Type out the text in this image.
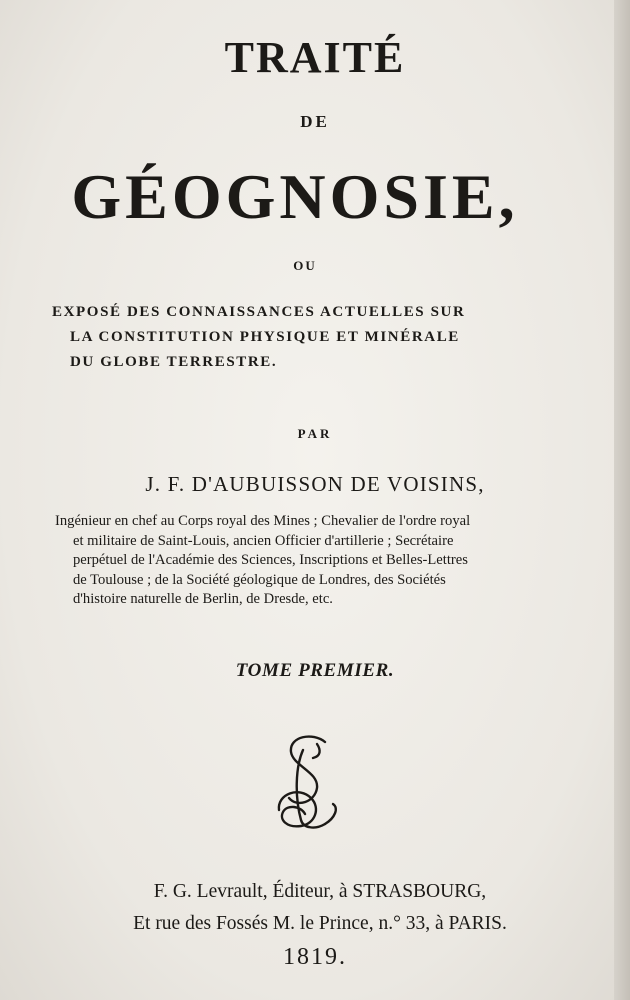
TRAITÉ
DE
GÉOGNOSIE,
OU
EXPOSÉ DES CONNAISSANCES ACTUELLES SUR
LA CONSTITUTION PHYSIQUE ET MINÉRALE
DU GLOBE TERRESTRE.
PAR
J. F. D'AUBUISSON DE VOISINS,
Ingénieur en chef au Corps royal des Mines ; Chevalier de l'ordre royal
et militaire de Saint-Louis, ancien Officier d'artillerie ; Secrétaire
perpétuel de l'Académie des Sciences, Inscriptions et Belles-Lettres
de Toulouse ; de la Société géologique de Londres, des Sociétés
d'histoire naturelle de Berlin, de Dresde, etc.
TOME PREMIER.
F. G. Levrault, Éditeur, à STRASBOURG,
Et rue des Fossés M. le Prince, n.° 33, à PARIS.
1819.
